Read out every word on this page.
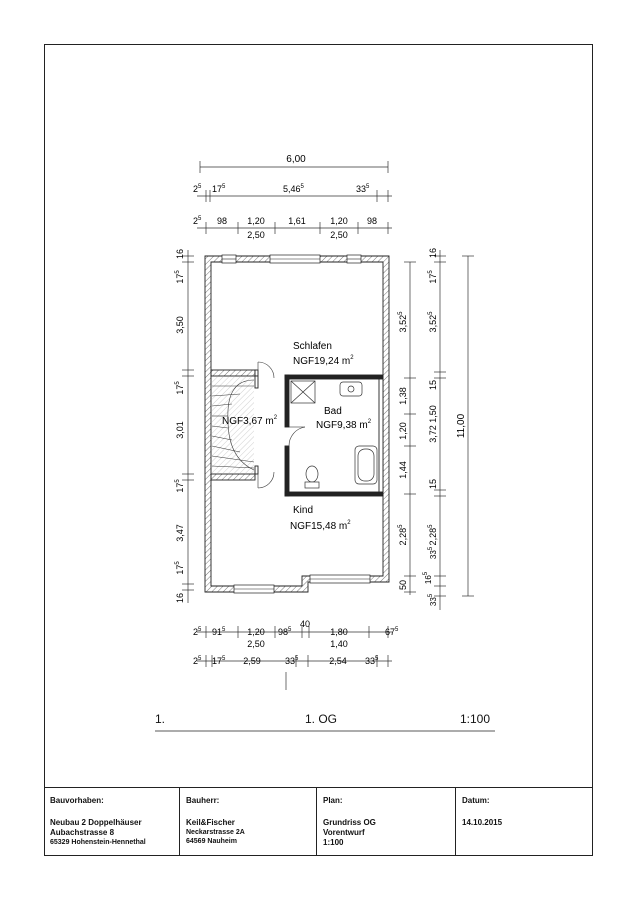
6,00
$2^5$ $17^5$	5,46$^5$	$33^5$
$2^5$ 98 1,20	1,61	1,20 98
2,50	2,50
16
$17^5$
3,50
$17^5$
3,01
$17^5$
3,47
$17^5$
16
Schlafen
NGF19,24 $m^2$
NGF3,67 $m^2$
Bad
NGF9,38 $m^2$
Kind
NGF15,48 $m^2$
3,52$^5$
1,38
1,20
1,44
2,28$^5$
50
16
$17^5$
3,52$^5$
15
1,50
3,72
15
2,28$^5$
$33^5$
$16^5$
$33^5$
11,00
$2^5$ $91^5$ 1,20 $98^5$
40
1,80	$67^5$
2,50	1,40
$2^5$ $17^5$ 2,59	$33^5$	2,54 $33^5$
1.	1. OG	1:100
Bauvorhaben:
Neubau 2 Doppelhäuser
Aubachstrasse 8
65329 Hohenstein-Hennethal
Bauherr:
Keil&Fischer
Neckarstrasse 2A
64569 Nauheim
Plan:
Grundriss OG
Vorentwurf
1:100
Datum:
14.10.2015
